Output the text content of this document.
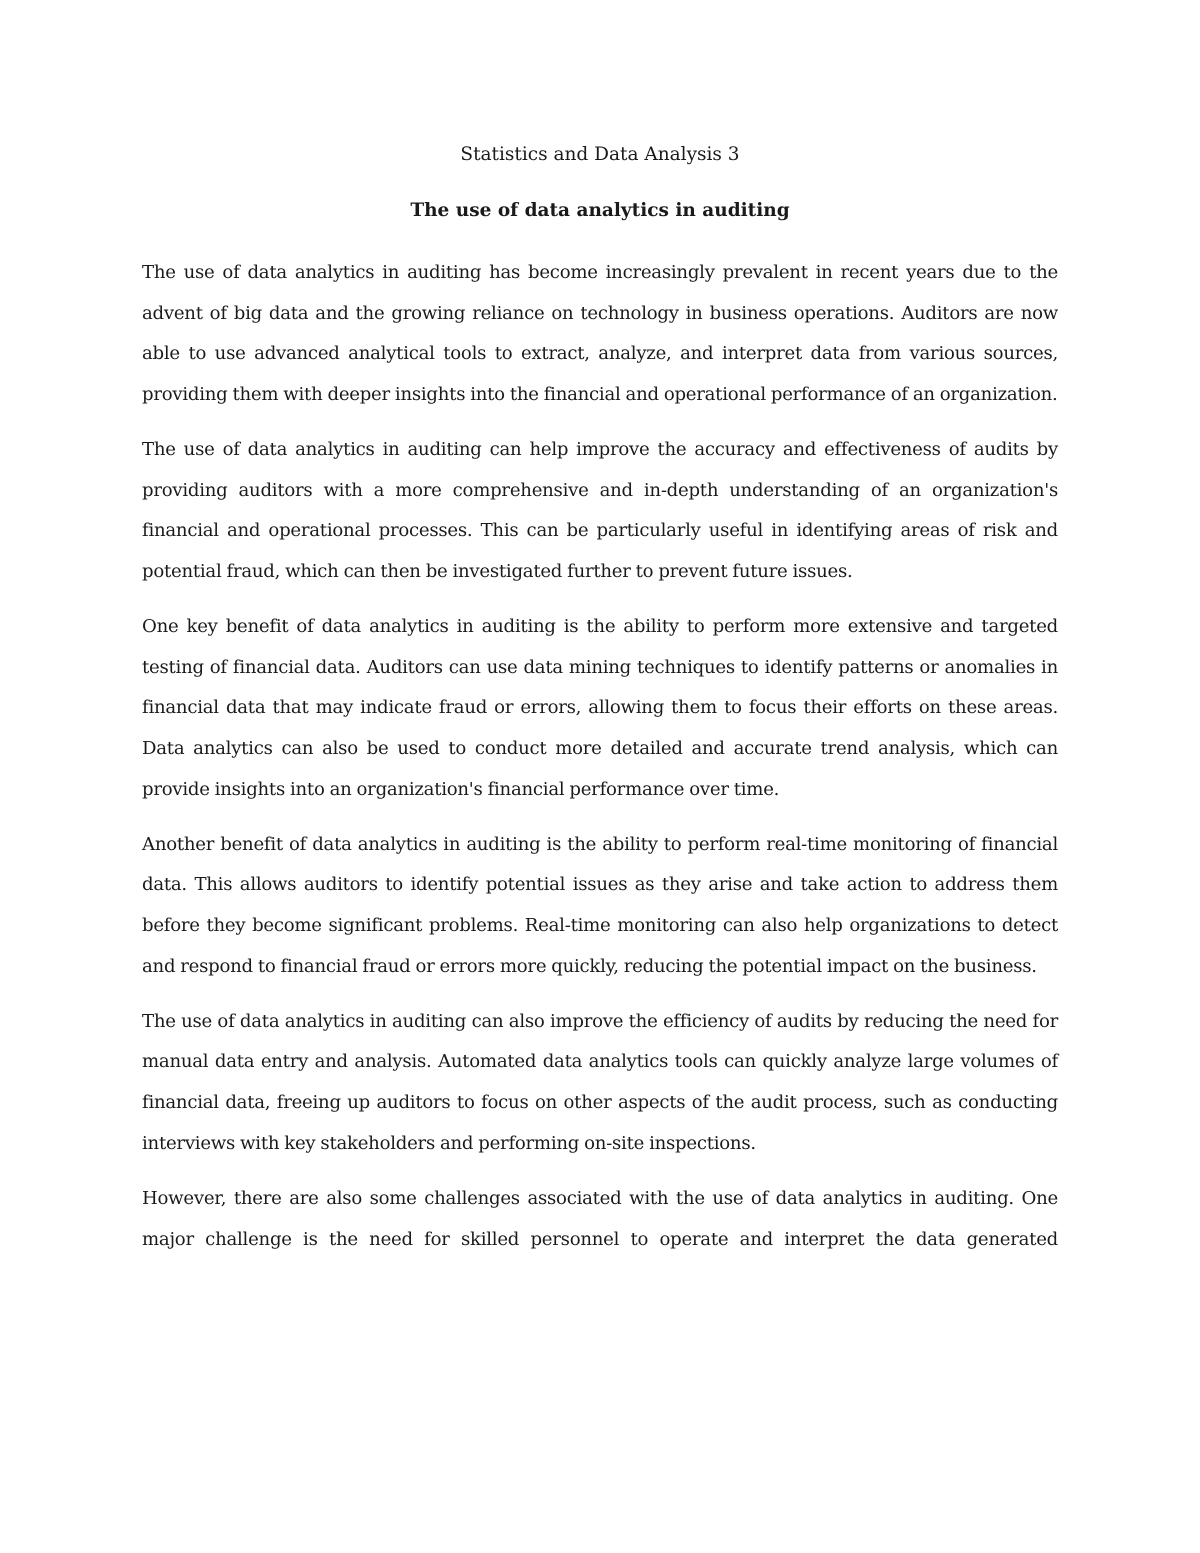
Statistics and Data Analysis 3
The use of data analytics in auditing

The use of data analytics in auditing has become increasingly prevalent in recent years due to the advent of big data and the growing reliance on technology in business operations. Auditors are now able to use advanced analytical tools to extract, analyze, and interpret data from various sources, providing them with deeper insights into the financial and operational performance of an organization.

The use of data analytics in auditing can help improve the accuracy and effectiveness of audits by providing auditors with a more comprehensive and in-depth understanding of an organization's financial and operational processes. This can be particularly useful in identifying areas of risk and potential fraud, which can then be investigated further to prevent future issues.

One key benefit of data analytics in auditing is the ability to perform more extensive and targeted testing of financial data. Auditors can use data mining techniques to identify patterns or anomalies in financial data that may indicate fraud or errors, allowing them to focus their efforts on these areas. Data analytics can also be used to conduct more detailed and accurate trend analysis, which can provide insights into an organization's financial performance over time.

Another benefit of data analytics in auditing is the ability to perform real-time monitoring of financial data. This allows auditors to identify potential issues as they arise and take action to address them before they become significant problems. Real-time monitoring can also help organizations to detect and respond to financial fraud or errors more quickly, reducing the potential impact on the business.

The use of data analytics in auditing can also improve the efficiency of audits by reducing the need for manual data entry and analysis. Automated data analytics tools can quickly analyze large volumes of financial data, freeing up auditors to focus on other aspects of the audit process, such as conducting interviews with key stakeholders and performing on-site inspections.

However, there are also some challenges associated with the use of data analytics in auditing. One major challenge is the need for skilled personnel to operate and interpret the data generated
